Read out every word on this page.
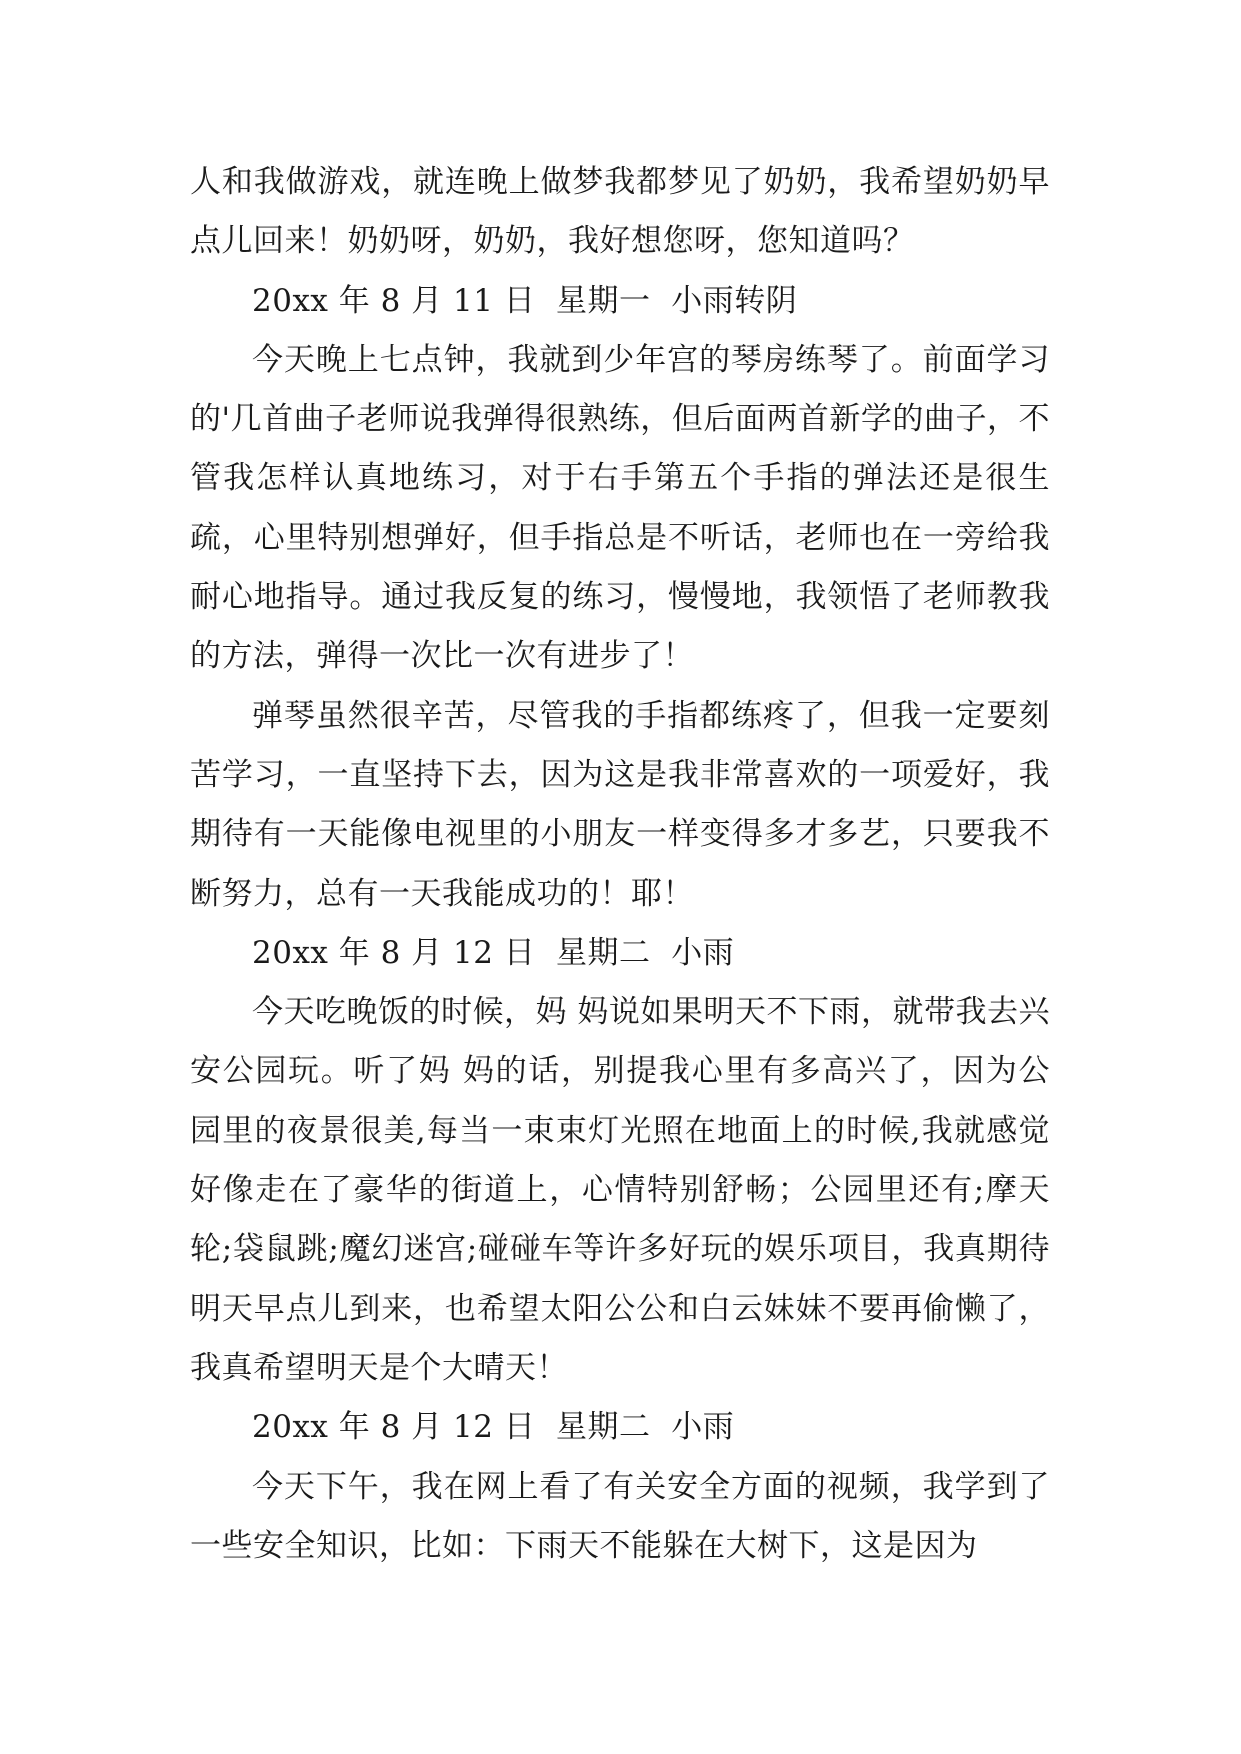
人和我做游戏，就连晚上做梦我都梦见了奶奶，我希望奶奶早点儿回来！奶奶呀，奶奶，我好想您呀，您知道吗？

20xx 年 8 月 11 日  星期一  小雨转阴

今天晚上七点钟，我就到少年宫的琴房练琴了。前面学习的'几首曲子老师说我弹得很熟练，但后面两首新学的曲子，不管我怎样认真地练习，对于右手第五个手指的弹法还是很生疏，心里特别想弹好，但手指总是不听话，老师也在一旁给我耐心地指导。通过我反复的练习，慢慢地，我领悟了老师教我的方法，弹得一次比一次有进步了！

弹琴虽然很辛苦，尽管我的手指都练疼了，但我一定要刻苦学习，一直坚持下去，因为这是我非常喜欢的一项爱好，我期待有一天能像电视里的小朋友一样变得多才多艺，只要我不断努力，总有一天我能成功的！耶！

20xx 年 8 月 12 日  星期二  小雨

今天吃晚饭的时候，妈 妈说如果明天不下雨，就带我去兴安公园玩。听了妈 妈的话，别提我心里有多高兴了，因为公园里的夜景很美,每当一束束灯光照在地面上的时候,我就感觉好像走在了豪华的街道上，心情特别舒畅；公园里还有;摩天轮;袋鼠跳;魔幻迷宫;碰碰车等许多好玩的娱乐项目，我真期待明天早点儿到来，也希望太阳公公和白云妹妹不要再偷懒了，我真希望明天是个大晴天！

20xx 年 8 月 12 日  星期二  小雨

今天下午，我在网上看了有关安全方面的视频，我学到了一些安全知识，比如：下雨天不能躲在大树下，这是因为
